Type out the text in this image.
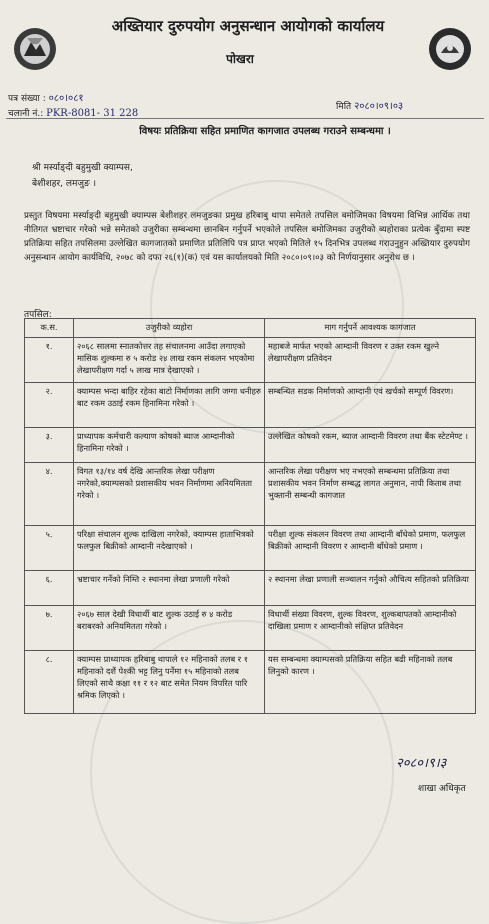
अख्तियार दुरुपयोग अनुसन्धान आयोगको कार्यालय
पोखरा
पत्र संख्या : ०८०।०८१
चलानी नं.: PKR-8081- 31 228
मिति २०८०।०९।०३
विषयः प्रतिक्रिया सहित प्रमाणित कागजात उपलब्ध गराउने सम्बन्धमा ।
श्री मर्स्याङ्दी बहुमुखी क्याम्पस,
बेशीशहर, लमजुङ ।

प्रस्तुत विषयमा मर्स्याङ्दी बहुमुखी क्याम्पस बेशीशहर लमजुङका प्रमुख हरिबाबु थापा समेतले तपसिल बमोजिमका विषयमा विभिन्न आर्थिक तथा नीतिगत भ्रष्टाचार गरेको भन्ने समेतको उजुरीका सम्बन्धमा छानबिन गर्नुपर्ने भएकोले तपसिल बमोजिमका उजुरीको ब्यहोराका प्रत्येक बुँदामा स्पष्ट प्रतिक्रिया सहित तपसिलमा उल्लेखित कागजातको प्रमाणित प्रतिलिपि पत्र प्राप्त भएको मितिले १५ दिनभित्र उपलब्ध गराउनुहुन अख्तियार दुरुपयोग अनुसन्धान आयोग कार्यविधि, २०७८ को दफा २६(१)(क) एवं यस कार्यालयको मिति २०८०।०९।०३ को निर्णयानुसार अनुरोध छ ।

तपसिल:
क.स.	उजुरीको व्यहोरा	माग गर्नुपर्ने आवश्यक कागजात
१.	२०६८ सालमा स्नातकोत्तर तह संचालनमा आउँदा लगाएको मासिक शुल्कमा रु ५ करोड २४ लाख रकम संकलन भएकोमा लेखापरीक्षण गर्दा ५ लाख मात्र देखाएको ।	महाबजे मार्फत भएको आम्दानी विवरण र उक्त रकम खुल्ने लेखापरीक्षण प्रतिवेदन
२.	क्याम्पस भन्दा बाहिर रहेका बाटो निर्माणका लागि जग्गा धनीहरु बाट रकम उठाई रकम हिनामिना गरेको ।	सम्बन्धित सडक निर्माणको आम्दानी एवं खर्चको सम्पूर्ण विवरण।
३.	प्राध्यापक कर्मचारी कल्याण कोषको ब्याज आम्दानीको हिनामिना गरेको ।	उल्लेखित कोषको रकम, ब्याज आम्दानी विवरण तथा बैंक स्टेटमेण्ट ।
४.	विगत १३/१४ वर्ष देखि आन्तरिक लेखा परीक्षण नगरेको,क्याम्पसको प्रशासकीय भवन निर्माणमा अनियमितता गरेको ।	आन्तरिक लेखा परीक्षण भए नभएको सम्बन्धमा प्रतिक्रिया तथा प्रशासकीय भवन निर्माण सम्बद्ध लागत अनुमान, नापी किताब तथा भुक्तानी सम्बन्धी कागजात
५.	परिक्षा संचालन शुल्क दाखिला नगरेको, क्याम्पस हाताभित्रको फलफुल बिक्रीको आम्दानी नदेखाएको ।	परीक्षा शुल्क संकलन विवरण तथा आम्दानी बाँधेको प्रमाण, फलफुल बिक्रीको आम्दानी विवरण र आम्दानी बाँधेको प्रमाण ।
६.	भ्रष्टाचार गर्नेको निम्ति २ स्थानमा लेखा प्रणाली गरेको	२ स्थानमा लेखा प्रणाली सञ्चालन गर्नुको औचित्य सहितको प्रतिक्रिया
७.	२०६७ साल देखी विधार्थी बाट शुल्क उठाई रु ४ करोड बराबरको अनियमितता गरेको ।	विधार्थी संख्या विवरण, शुल्क विवरण, शुल्कबापतको आम्दानीको दाखिला प्रमाण र आम्दानीको संक्षिप्त प्रतिवेदन
८.	क्याम्पस प्राध्यापक हरिबाबु थापाले १२ महिनाको तलब र १ महिनाको दशैं पेश्की भट्ट लिनु पर्नेमा १५ महिनाको तलब लिएको साथै कक्षा ११ र १२ बाट समेत नियम विपरित पारि श्रमिक लिएको ।	यस सम्बन्धमा क्याम्पसको प्रतिक्रिया सहित बढी महिनाको तलब लिनुको कारण ।
२०८०।९।३
शाखा अधिकृत
